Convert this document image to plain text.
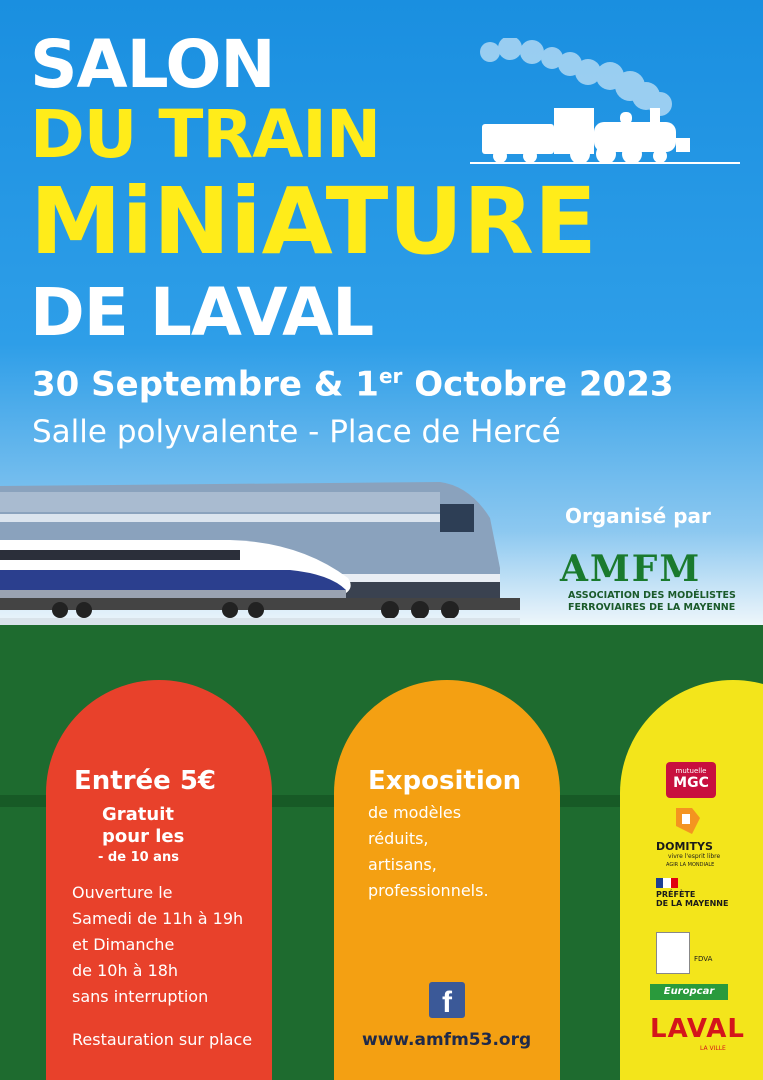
SALON
DU TRAIN
MiNiATURE
DE LAVAL

30 Septembre & 1er Octobre 2023

Salle polyvalente - Place de Hercé

Organisé par

AMFM
ASSOCIATION DES MODÉLISTES
FERROVIAIRES DE LA MAYENNE

Entrée 5€

Gratuit

pour les

- de 10 ans

Ouverture le
Samedi de 11h à 19h
et Dimanche
de 10h à 18h
sans interruption

Restauration sur place

Exposition

de modèles
réduits,
artisans,
professionnels.
f

www.amfm53.org

mutuelle
MGC
DOMITYS
vivre l'esprit libre
AGIR LA MONDIALE
PRÉFÈTE
DE LA MAYENNE
FDVA
Europcar
LAVAL
LA VILLE
